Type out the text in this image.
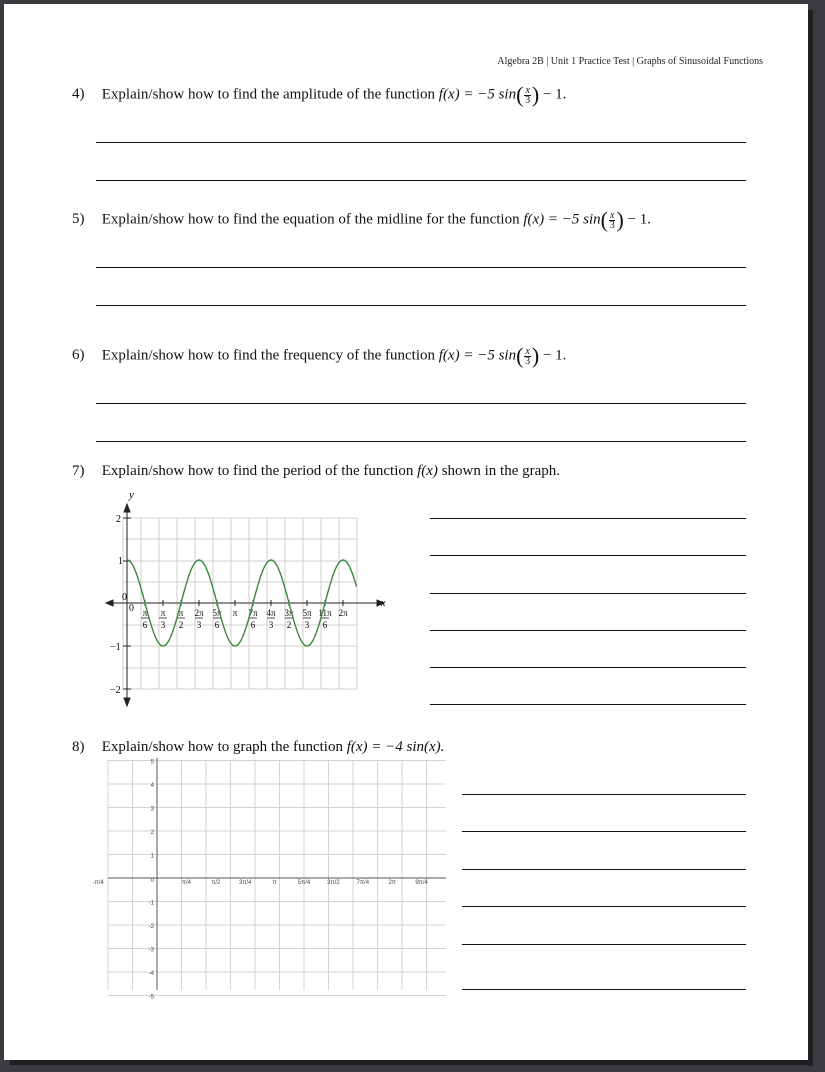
Algebra 2B | Unit 1 Practice Test | Graphs of Sinusoidal Functions
4) Explain/show how to find the amplitude of the function f(x) = −5 $\sin( \frac{x}{3}$ ) − 1.
5) Explain/show how to find the equation of the midline for the function f(x) = −5 $\sin( \frac{x}{3}$ ) − 1.
6) Explain/show how to find the frequency of the function f(x) = −5 $\sin( \frac{x}{3}$ ) − 1.
7) Explain/show how to find the period of the function f(x) shown in the graph.
y
x
2
1
0
0
−1
−2
π
6
π
3
π
2
2π
3
5π
6
π 7π
6
4π
3
3π
2
5π
3
11π
6
2π
8) Explain/show how to graph the function f(x) = −4 sin(x).
5
4
3
2
1
-1
-2
-3
-4
-5
0
-π/4	π/4	π/2	3π/4	π	5π/4	3π/2	7π/4	2π	9π/4
